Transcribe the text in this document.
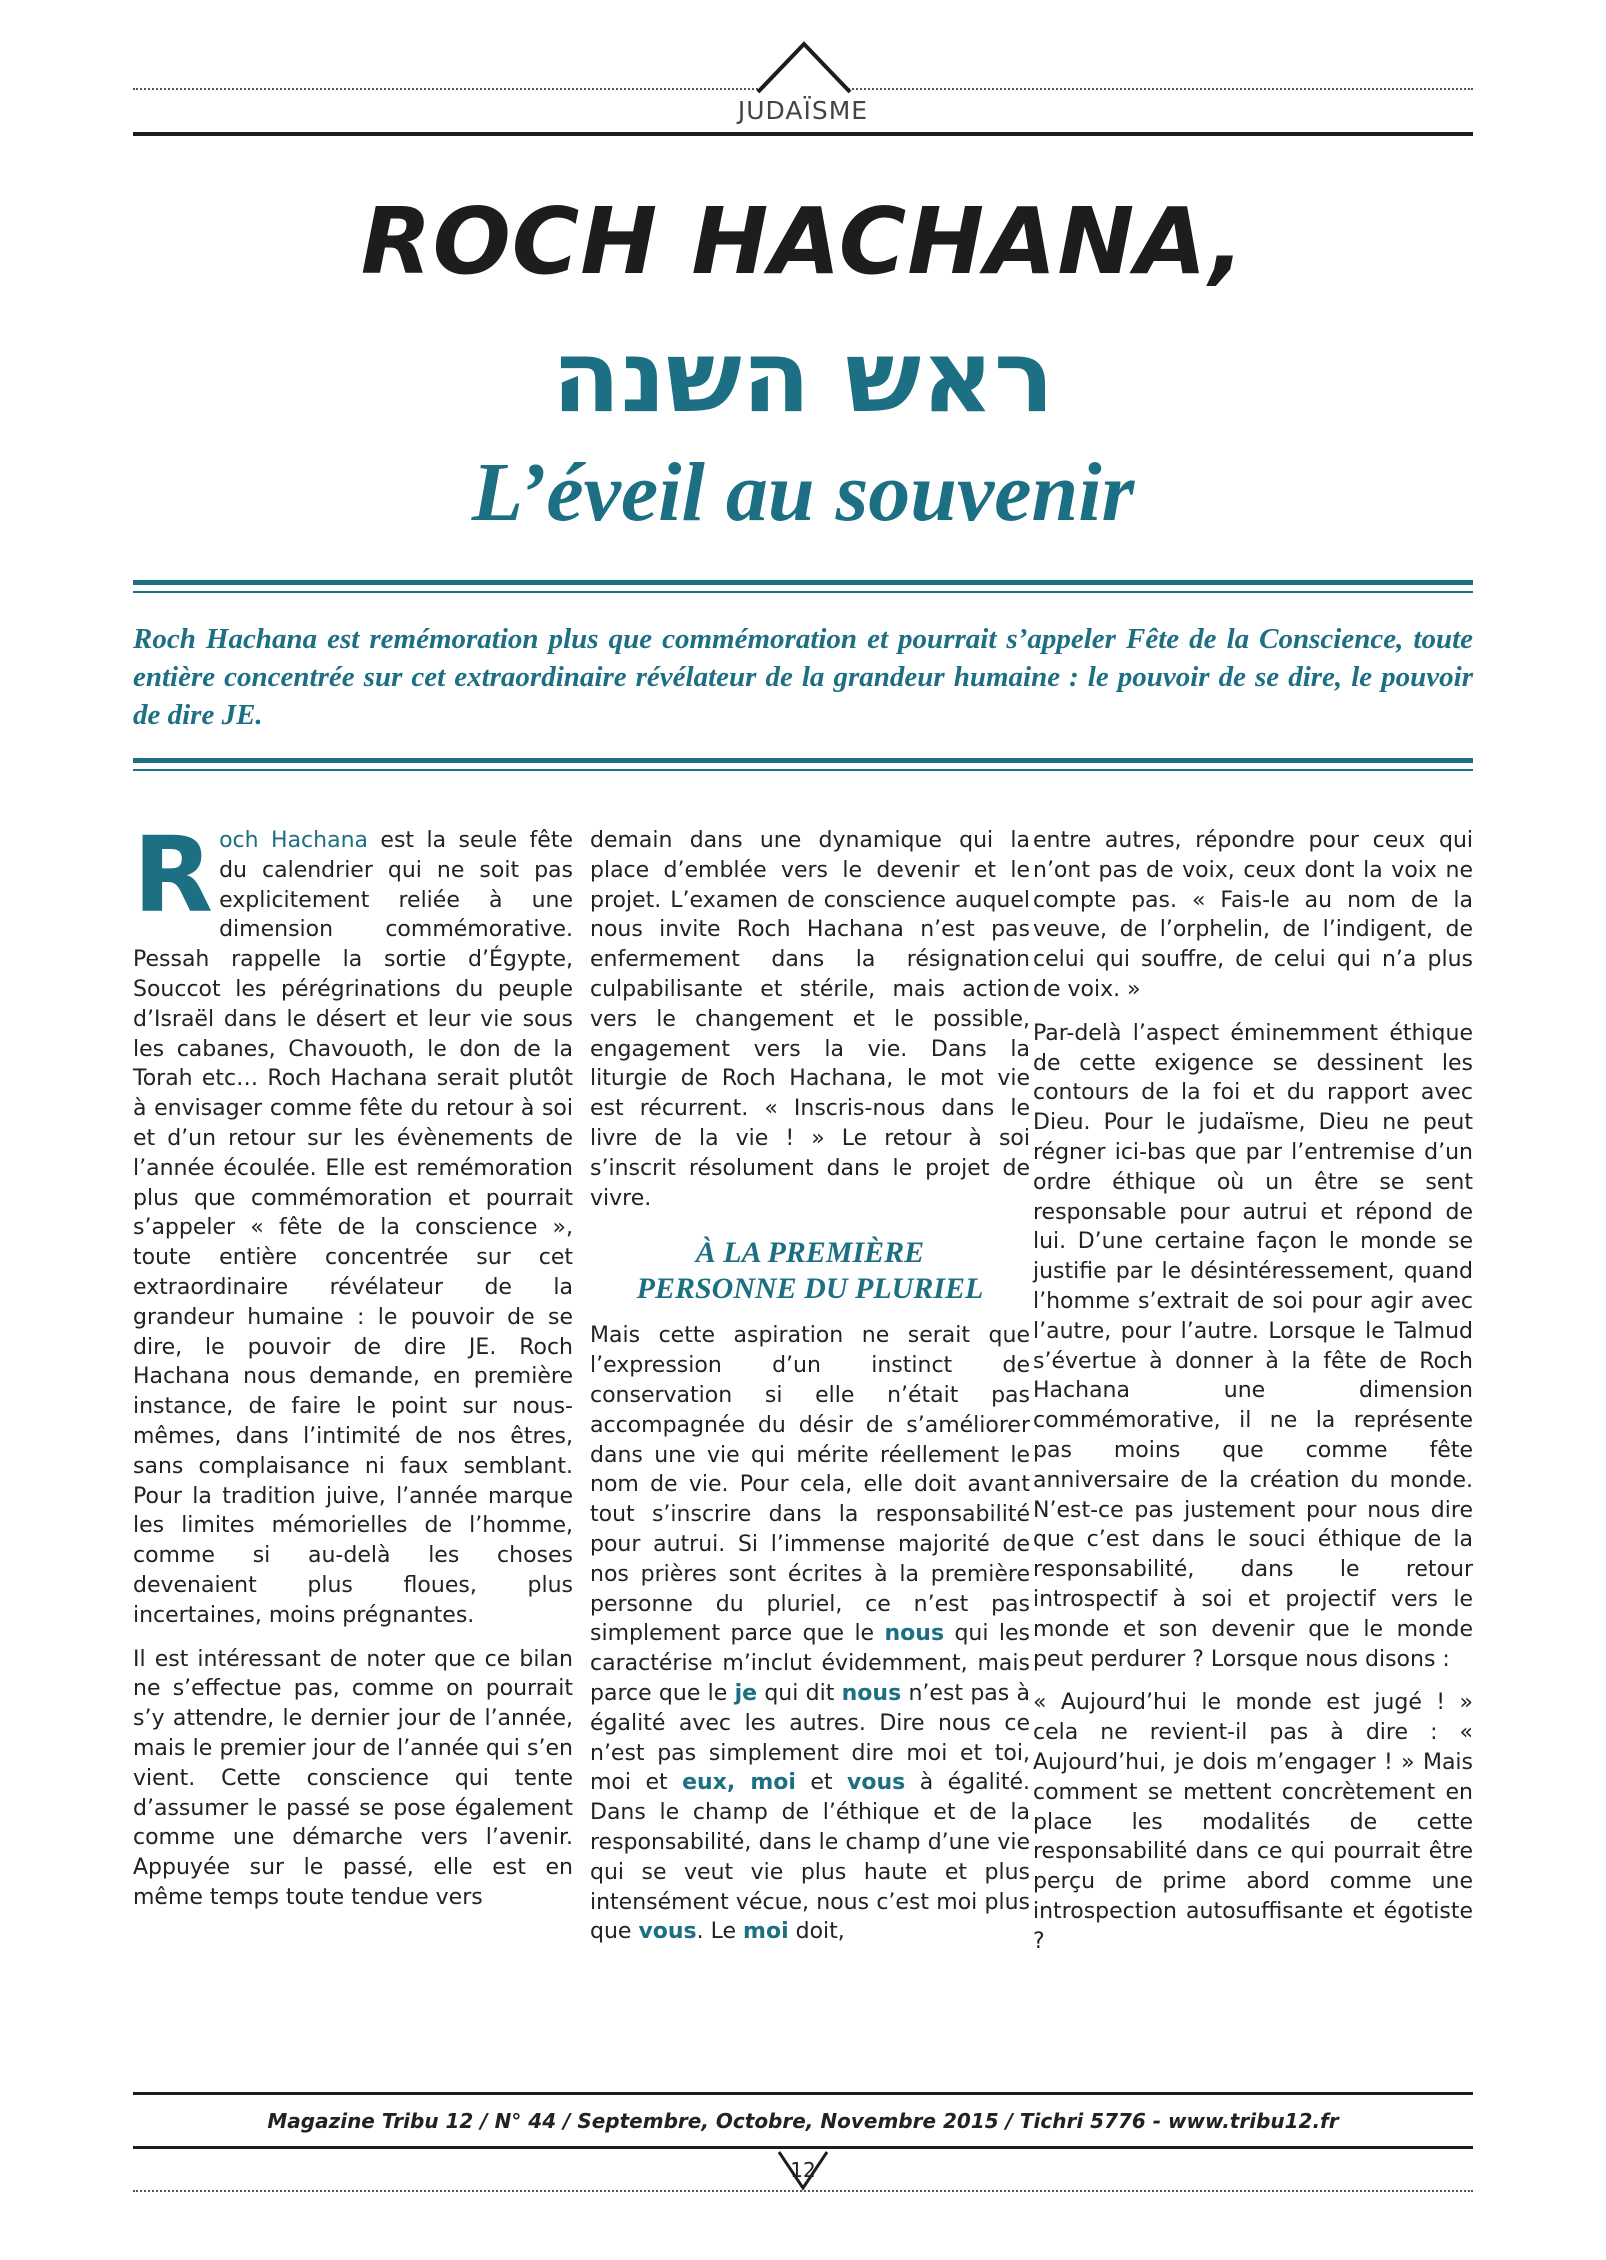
JUDAÏSME
ROCH HACHANA,
ראש השנה
L’éveil au souvenir
Roch Hachana est remémoration plus que commémoration et pourrait s’appeler Fête de la Conscience, toute entière concentrée sur cet extraordinaire révélateur de la grandeur humaine : le pouvoir de se dire, le pouvoir de dire JE.

Roch Hachana est la seule fête du calendrier qui ne soit pas explicitement reliée à une dimension commémorative. Pessah rappelle la sortie d’Égypte, Souccot les pérégrinations du peuple d’Israël dans le désert et leur vie sous les cabanes, Chavouoth, le don de la Torah etc… Roch Hachana serait plutôt à envisager comme fête du retour à soi et d’un retour sur les évènements de l’année écoulée. Elle est remémoration plus que commémoration et pourrait s’appeler « fête de la conscience », toute entière concentrée sur cet extraordinaire révélateur de la grandeur humaine : le pouvoir de se dire, le pouvoir de dire JE. Roch Hachana nous demande, en première instance, de faire le point sur nous-mêmes, dans l’intimité de nos êtres, sans complaisance ni faux semblant. Pour la tradition juive, l’année marque les limites mémorielles de l’homme, comme si au-delà les choses devenaient plus floues, plus incertaines, moins prégnantes.

Il est intéressant de noter que ce bilan ne s’effectue pas, comme on pourrait s’y attendre, le dernier jour de l’année, mais le premier jour de l’année qui s’en vient. Cette conscience qui tente d’assumer le passé se pose également comme une démarche vers l’avenir. Appuyée sur le passé, elle est en même temps toute tendue vers

demain dans une dynamique qui la place d’emblée vers le devenir et le projet. L’examen de conscience auquel nous invite Roch Hachana n’est pas enfermement dans la résignation culpabilisante et stérile, mais action vers le changement et le possible, engagement vers la vie. Dans la liturgie de Roch Hachana, le mot vie est récurrent. « Inscris-nous dans le livre de la vie ! » Le retour à soi s’inscrit résolument dans le projet de vivre.

À LA PREMIÈRE
PERSONNE DU PLURIEL

Mais cette aspiration ne serait que l’expression d’un instinct de conservation si elle n’était pas accompagnée du désir de s’améliorer dans une vie qui mérite réellement le nom de vie. Pour cela, elle doit avant tout s’inscrire dans la responsabilité pour autrui. Si l’immense majorité de nos prières sont écrites à la première personne du pluriel, ce n’est pas simplement parce que le nous qui les caractérise m’inclut évidemment, mais parce que le je qui dit nous n’est pas à égalité avec les autres. Dire nous ce n’est pas simplement dire moi et toi, moi et eux, moi et vous à égalité. Dans le champ de l’éthique et de la responsabilité, dans le champ d’une vie qui se veut vie plus haute et plus intensément vécue, nous c’est moi plus que vous. Le moi doit,

entre autres, répondre pour ceux qui n’ont pas de voix, ceux dont la voix ne compte pas. « Fais-le au nom de la veuve, de l’orphelin, de l’indigent, de celui qui souffre, de celui qui n’a plus de voix. »

Par-delà l’aspect éminemment éthique de cette exigence se dessinent les contours de la foi et du rapport avec Dieu. Pour le judaïsme, Dieu ne peut régner ici-bas que par l’entremise d’un ordre éthique où un être se sent responsable pour autrui et répond de lui. D’une certaine façon le monde se justifie par le désintéressement, quand l’homme s’extrait de soi pour agir avec l’autre, pour l’autre. Lorsque le Talmud s’évertue à donner à la fête de Roch Hachana une dimension commémorative, il ne la représente pas moins que comme fête anniversaire de la création du monde. N’est-ce pas justement pour nous dire que c’est dans le souci éthique de la responsabilité, dans le retour introspectif à soi et projectif vers le monde et son devenir que le monde peut perdurer ? Lorsque nous disons :

« Aujourd’hui le monde est jugé ! » cela ne revient-il pas à dire : « Aujourd’hui, je dois m’engager ! » Mais comment se mettent concrètement en place les modalités de cette responsabilité dans ce qui pourrait être perçu de prime abord comme une introspection autosuffisante et égotiste ?

Magazine Tribu 12 / N° 44 / Septembre, Octobre, Novembre 2015 / Tichri 5776 - www.tribu12.fr
12
